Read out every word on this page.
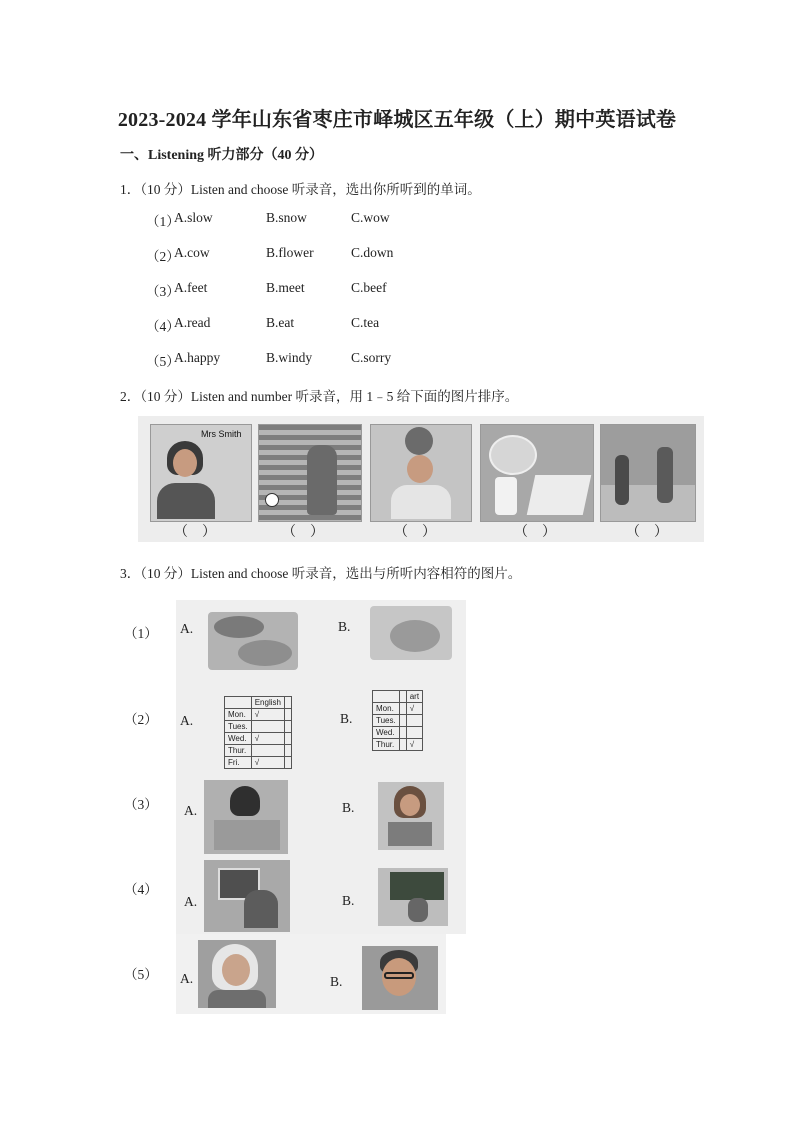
2023-2024 学年山东省枣庄市峄城区五年级（上）期中英语试卷
一、Listening 听力部分（40 分）
1．（10 分）Listen and choose 听录音，选出你所听到的单词。
（1）
A.slow	B.snow	C.wow
（2）
A.cow	B.flower	C.down
（3）
A.feet	B.meet	C.beef
（4）
A.read	B.eat	C.tea
（5）
A.happy	B.windy	C.sorry
2．（10 分）Listen and number 听录音，用 1﹣5 给下面的图片排序。
Mrs Smith
（　）	（　）	（　）	（　）	（　）
3．（10 分）Listen and choose 听录音，选出与所听内容相符的图片。
（1） A.	B.
（2） A.
	English	
Mon.	√	
Tues.		
Wed.	√	
Thur.		
Fri.	√	
B.
		art
Mon.		√
Tues.		
Wed.		
Thur.		√
（3） A.	B.
（4）
A.	B.
（5） A.	B.
